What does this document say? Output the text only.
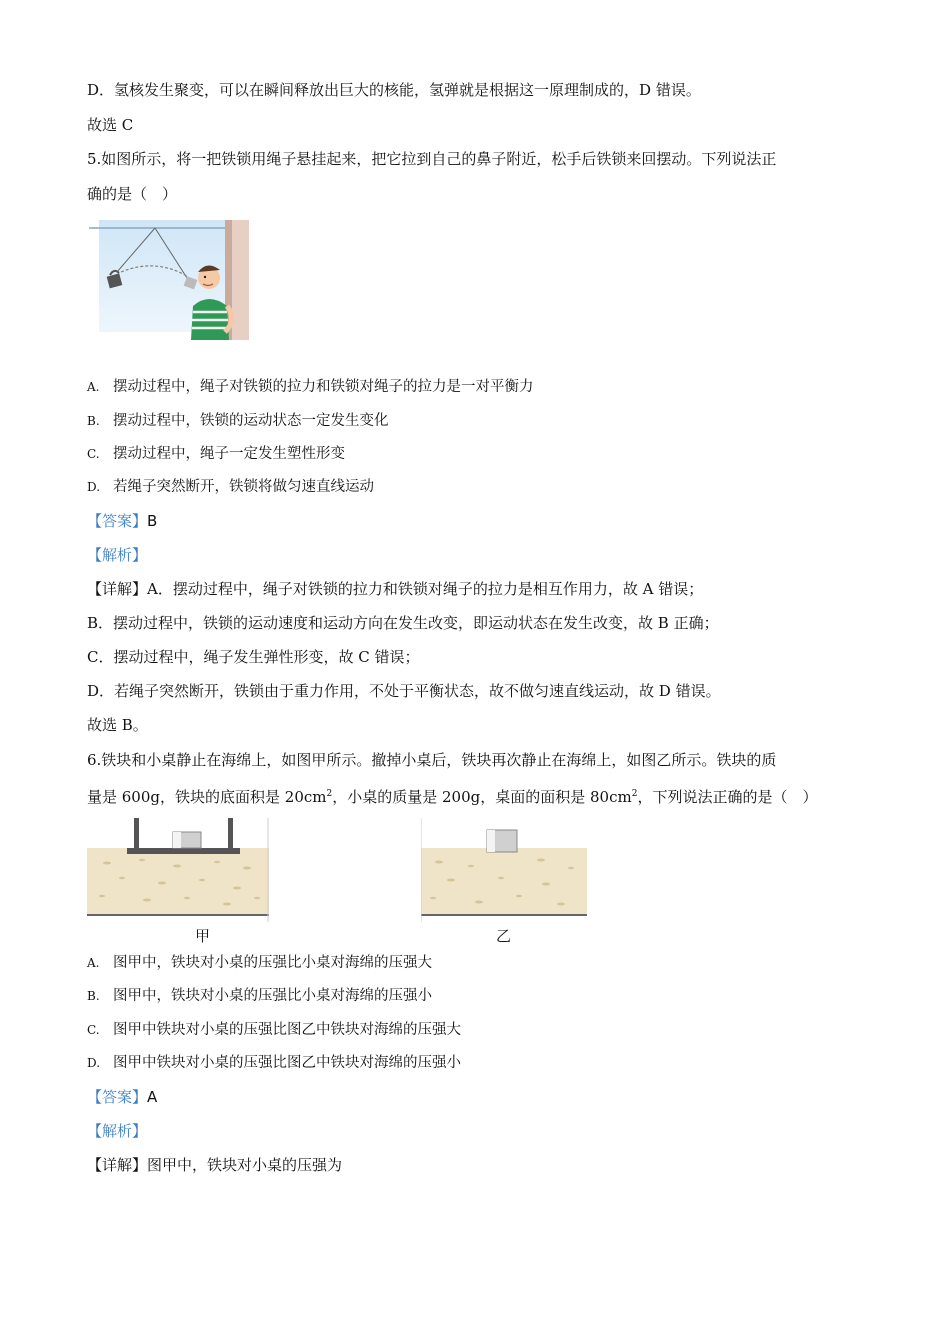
D．氢核发生聚变，可以在瞬间释放出巨大的核能，氢弹就是根据这一原理制成的，D 错误。
故选 C
5.如图所示，将一把铁锁用绳子悬挂起来，把它拉到自己的鼻子附近，松手后铁锁来回摆动。下列说法正
确的是（　）
A. 摆动过程中，绳子对铁锁的拉力和铁锁对绳子的拉力是一对平衡力
B. 摆动过程中，铁锁的运动状态一定发生变化
C. 摆动过程中，绳子一定发生塑性形变
D. 若绳子突然断开，铁锁将做匀速直线运动
【答案】B
【解析】
【详解】A．摆动过程中，绳子对铁锁的拉力和铁锁对绳子的拉力是相互作用力，故 A 错误；
B．摆动过程中，铁锁的运动速度和运动方向在发生改变，即运动状态在发生改变，故 B 正确；
C．摆动过程中，绳子发生弹性形变，故 C 错误；
D．若绳子突然断开，铁锁由于重力作用，不处于平衡状态，故不做匀速直线运动，故 D 错误。
故选 B。
6.铁块和小桌静止在海绵上，如图甲所示。撤掉小桌后，铁块再次静止在海绵上，如图乙所示。铁块的质
量是 600g，铁块的底面积是 $20cm^2$，小桌的质量是 200g，桌面的面积是 $80cm^2$，下列说法正确的是（　）
甲	乙
A. 图甲中，铁块对小桌的压强比小桌对海绵的压强大
B. 图甲中，铁块对小桌的压强比小桌对海绵的压强小
C. 图甲中铁块对小桌的压强比图乙中铁块对海绵的压强大
D. 图甲中铁块对小桌的压强比图乙中铁块对海绵的压强小
【答案】A
【解析】
【详解】图甲中，铁块对小桌的压强为
